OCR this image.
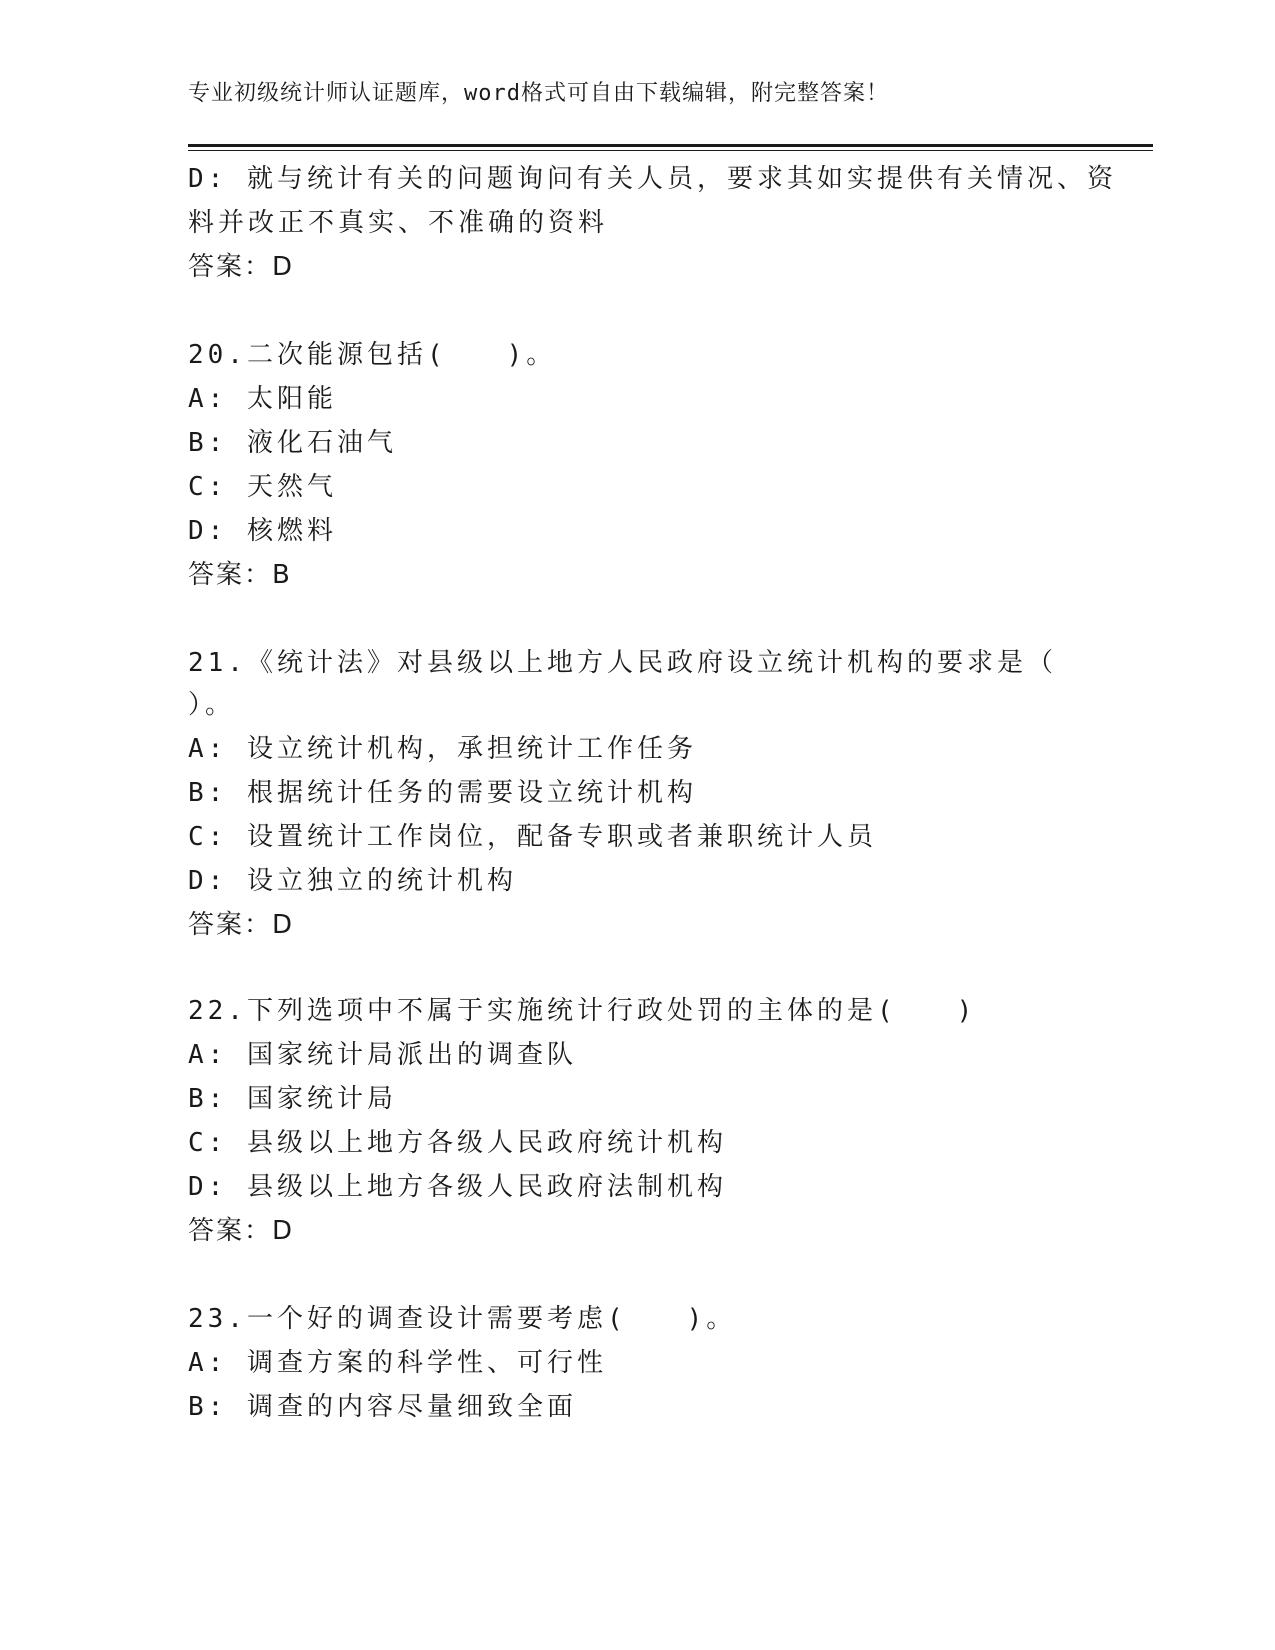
专业初级统计师认证题库，word格式可自由下载编辑，附完整答案！
D: 就与统计有关的问题询问有关人员，要求其如实提供有关情况、资
料并改正不真实、不准确的资料
答案：D
20.二次能源包括(　　)。
A: 太阳能
B: 液化石油气
C: 天然气
D: 核燃料
答案：B
21.《统计法》对县级以上地方人民政府设立统计机构的要求是（
）。
A: 设立统计机构，承担统计工作任务
B: 根据统计任务的需要设立统计机构
C: 设置统计工作岗位，配备专职或者兼职统计人员
D: 设立独立的统计机构
答案：D
22.下列选项中不属于实施统计行政处罚的主体的是(　　)
A: 国家统计局派出的调查队
B: 国家统计局
C: 县级以上地方各级人民政府统计机构
D: 县级以上地方各级人民政府法制机构
答案：D
23.一个好的调查设计需要考虑(　　)。
A: 调查方案的科学性、可行性
B: 调查的内容尽量细致全面
